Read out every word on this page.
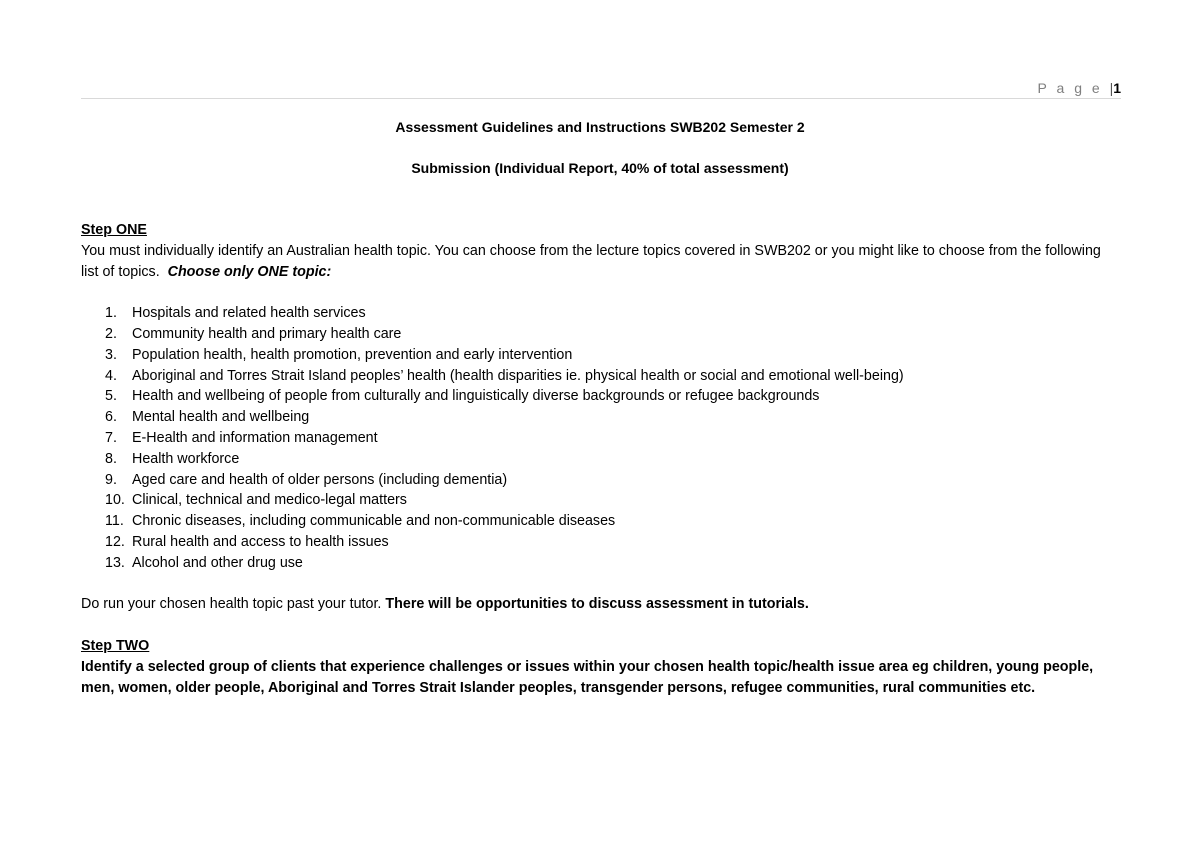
P a g e |1
Assessment Guidelines and Instructions SWB202 Semester 2
Submission (Individual Report, 40% of total assessment)
Step ONE

You must individually identify an Australian health topic. You can choose from the lecture topics covered in SWB202 or you might like to choose from the following list of topics. Choose only ONE topic:

1. Hospitals and related health services
2. Community health and primary health care
3. Population health, health promotion, prevention and early intervention
4. Aboriginal and Torres Strait Island peoples’ health (health disparities ie. physical health or social and emotional well-being)
5. Health and wellbeing of people from culturally and linguistically diverse backgrounds or refugee backgrounds
6. Mental health and wellbeing
7. E-Health and information management
8. Health workforce
9. Aged care and health of older persons (including dementia)
10. Clinical, technical and medico-legal matters
11. Chronic diseases, including communicable and non-communicable diseases
12. Rural health and access to health issues
13. Alcohol and other drug use

Do run your chosen health topic past your tutor. There will be opportunities to discuss assessment in tutorials.

Step TWO

Identify a selected group of clients that experience challenges or issues within your chosen health topic/health issue area eg children, young people, men, women, older people, Aboriginal and Torres Strait Islander peoples, transgender persons, refugee communities, rural communities etc.
